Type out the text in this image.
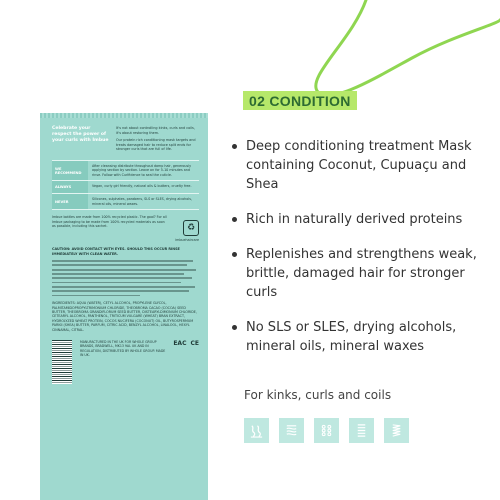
Celebrate your respect the power of your curls with Imbue

It's not about controlling kinks, curls and coils, it's about restoring them.

Our protein rich conditioning mask targets and treats damaged hair to reduce split ends for stronger curls that are full of life.

WE RECOMMEND
After cleansing distribute throughout damp hair, generously applying section by section. Leave on for 5-10 minutes and rinse. Follow with Curlfidence to seal the cuticle.
ALWAYS	Vegan, curly girl friendly, natural oils & butters, cruelty free.
NEVER
Silicones, sulphates, parabens, SLS or SLES, drying alcohols, mineral oils, mineral waxes.
Imbue bottles are made from 100% recycled plastic. The goal? For all Imbue packaging to be made from 100% recycled materials as soon as possible, including this sachet.	♻
imbuehaircare
CAUTION: AVOID CONTACT WITH EYES. SHOULD THIS OCCUR RINSE IMMEDIATELY WITH CLEAN WATER.
INGREDIENTS: AQUA (WATER), CETYL ALCOHOL, PROPYLENE GLYCOL, PALMITAMIDOPROPYLTRIMONIUM CHLORIDE, THEOBROMA CACAO (COCOA) SEED BUTTER, THEOBROMA GRANDIFLORUM SEED BUTTER, DISTEARYLDIMONIUM CHLORIDE, CETEARYL ALCOHOL, PANTHENOL, TRITICUM VULGARE (WHEAT) BRAN EXTRACT, HYDROLYZED WHEAT PROTEIN, COCOS NUCIFERA (COCONUT) OIL, BUTYROSPERMUM PARKII (SHEA) BUTTER, PARFUM, CITRIC ACID, BENZYL ALCOHOL, LINALOOL, HEXYL CINNAMAL, CITRAL.
MANUFACTURED IN THE UK FOR WHOLE GROUP BRANDS, BRADWELL, MK13 9AL UK AND IN REGULATION, DISTRIBUTED BY WHOLE GROUP. MADE IN UK.
EAC CE
02 CONDITION
Deep conditioning treatment Mask containing Coconut, Cupuaçu and Shea
Rich in naturally derived proteins
Replenishes and strengthens weak, brittle, damaged hair for stronger curls
No SLS or SLES, drying alcohols, mineral oils, mineral waxes
For kinks, curls and coils
